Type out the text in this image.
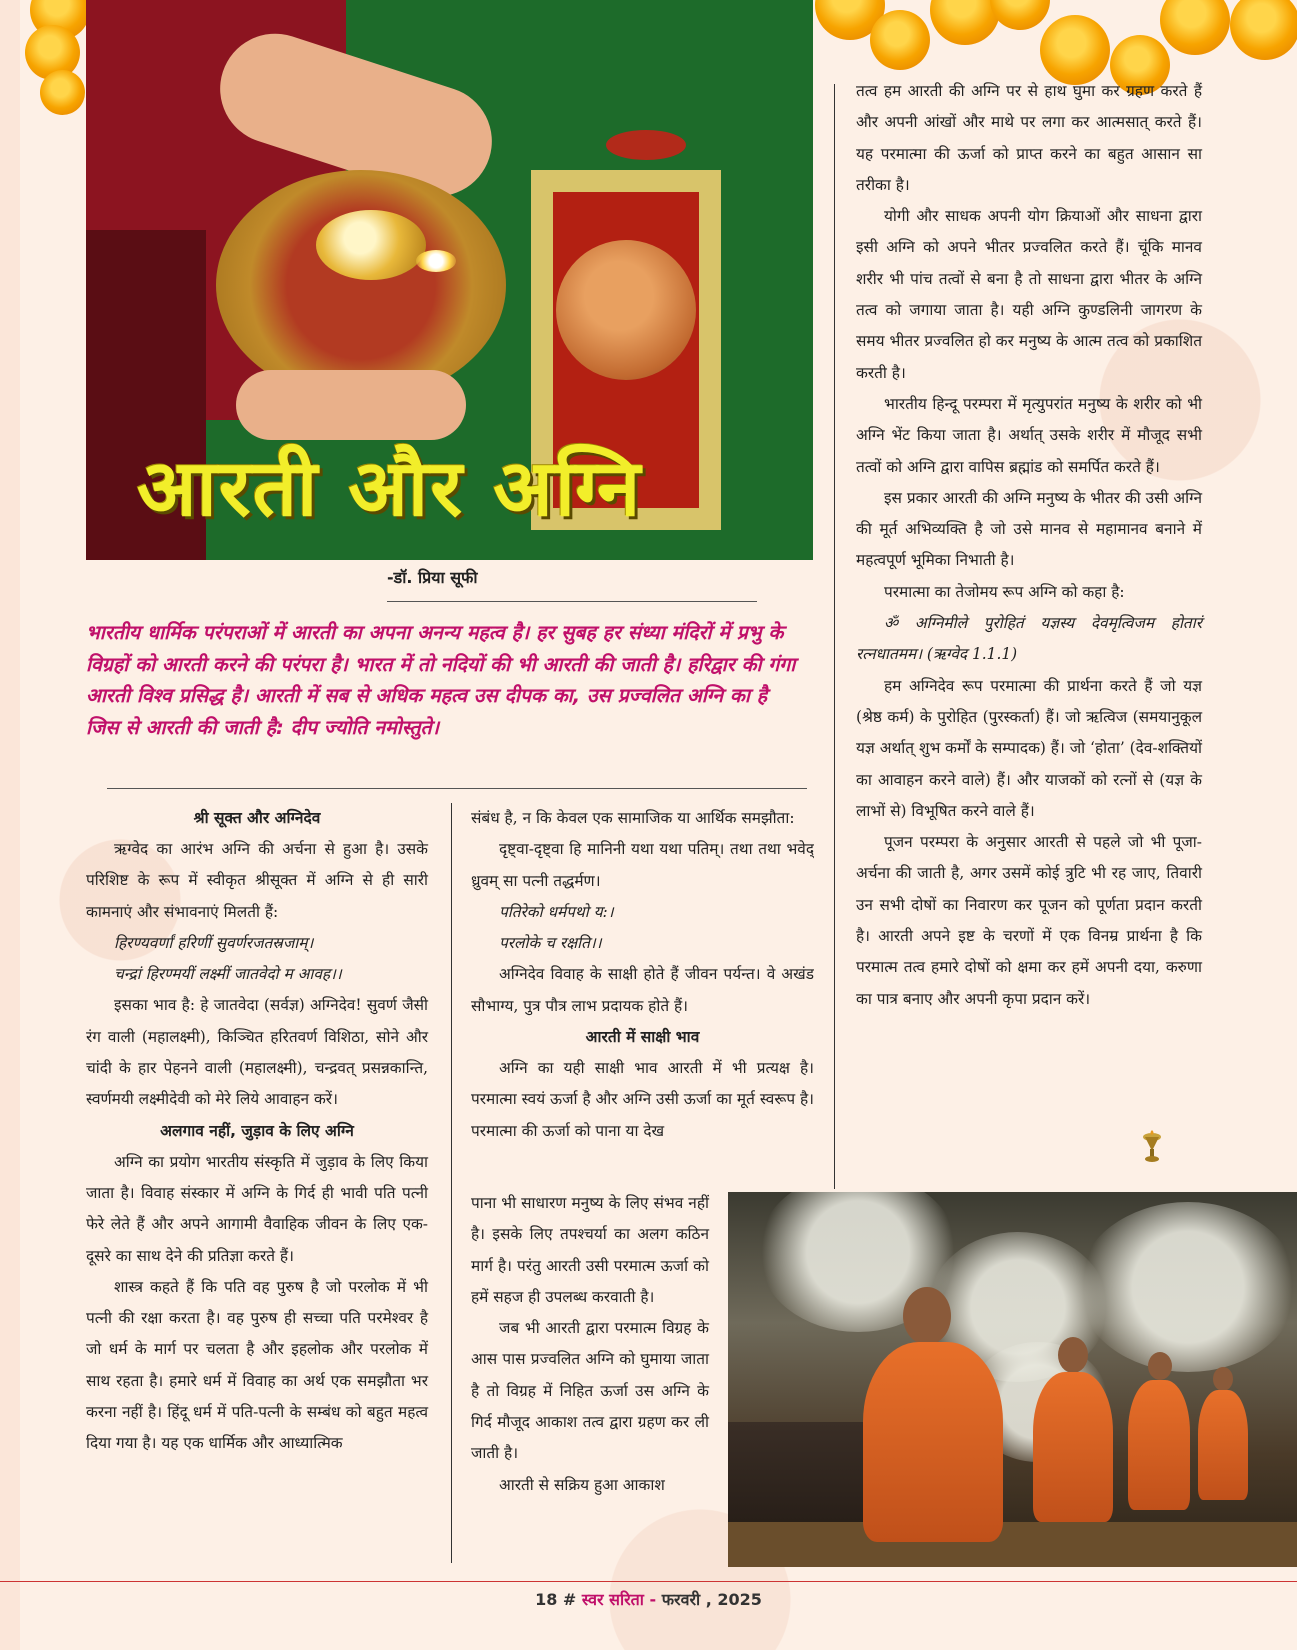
आरती और अग्नि
-डॉ. प्रिया सूफी
भारतीय धार्मिक परंपराओं में आरती का अपना अनन्य महत्व है। हर सुबह हर संध्या मंदिरों में प्रभु के विग्रहों को आरती करने की परंपरा है। भारत में तो नदियों की भी आरती की जाती है। हरिद्वार की गंगा आरती विश्व प्रसिद्ध है। आरती में सब से अधिक महत्व उस दीपक का, उस प्रज्वलित अग्नि का है जिस से आरती की जाती है: दीप ज्योति नमोस्तुते।
श्री सूक्त और अग्निदेव

ऋग्वेद का आरंभ अग्नि की अर्चना से हुआ है। उसके परिशिष्ट के रूप में स्वीकृत श्रीसूक्त में अग्नि से ही सारी कामनाएं और संभावनाएं मिलती हैं:

हिरण्यवर्णां हरिणीं सुवर्णरजतस्रजाम्।

चन्द्रां हिरण्मयीं लक्ष्मीं जातवेदो म आवह।।

इसका भाव है: हे जातवेदा (सर्वज्ञ) अग्निदेव! सुवर्ण जैसी रंग वाली (महालक्ष्मी), किञ्चित हरितवर्ण विशिठा, सोने और चांदी के हार पेहनने वाली (महालक्ष्मी), चन्द्रवत् प्रसन्नकान्ति, स्वर्णमयी लक्ष्मीदेवी को मेरे लिये आवाहन करें।

अलगाव नहीं, जुड़ाव के लिए अग्नि

अग्नि का प्रयोग भारतीय संस्कृति में जुड़ाव के लिए किया जाता है। विवाह संस्कार में अग्नि के गिर्द ही भावी पति पत्नी फेरे लेते हैं और अपने आगामी वैवाहिक जीवन के लिए एक-दूसरे का साथ देने की प्रतिज्ञा करते हैं।

शास्त्र कहते हैं कि पति वह पुरुष है जो परलोक में भी पत्नी की रक्षा करता है। वह पुरुष ही सच्चा पति परमेश्वर है जो धर्म के मार्ग पर चलता है और इहलोक और परलोक में साथ रहता है। हमारे धर्म में विवाह का अर्थ एक समझौता भर करना नहीं है। हिंदू धर्म में पति-पत्नी के सम्बंध को बहुत महत्व दिया गया है। यह एक धार्मिक और आध्यात्मिक

संबंध है, न कि केवल एक सामाजिक या आर्थिक समझौता:

दृष्ट्वा-दृष्ट्वा हि मानिनी यथा यथा पतिम्। तथा तथा भवेद् ध्रुवम् सा पत्नी तद्धर्मण।

पतिरेको धर्मपथो य:।

परलोके च रक्षति।।

अग्निदेव विवाह के साक्षी होते हैं जीवन पर्यन्त। वे अखंड सौभाग्य, पुत्र पौत्र लाभ प्रदायक होते हैं।

आरती में साक्षी भाव

अग्नि का यही साक्षी भाव आरती में भी प्रत्यक्ष है। परमात्मा स्वयं ऊर्जा है और अग्नि उसी ऊर्जा का मूर्त स्वरूप है। परमात्मा की ऊर्जा को पाना या देख

पाना भी साधारण मनुष्य के लिए संभव नहीं है। इसके लिए तपश्चर्या का अलग कठिन मार्ग है। परंतु आरती उसी परमात्म ऊर्जा को हमें सहज ही उपलब्ध करवाती है।

जब भी आरती द्वारा परमात्म विग्रह के आस पास प्रज्वलित अग्नि को घुमाया जाता है तो विग्रह में निहित ऊर्जा उस अग्नि के गिर्द मौजूद आकाश तत्व द्वारा ग्रहण कर ली जाती है।

आरती से सक्रिय हुआ आकाश

तत्व हम आरती की अग्नि पर से हाथ घुमा कर ग्रहण करते हैं और अपनी आंखों और माथे पर लगा कर आत्मसात् करते हैं। यह परमात्मा की ऊर्जा को प्राप्त करने का बहुत आसान सा तरीका है।

योगी और साधक अपनी योग क्रियाओं और साधना द्वारा इसी अग्नि को अपने भीतर प्रज्वलित करते हैं। चूंकि मानव शरीर भी पांच तत्वों से बना है तो साधना द्वारा भीतर के अग्नि तत्व को जगाया जाता है। यही अग्नि कुण्डलिनी जागरण के समय भीतर प्रज्वलित हो कर मनुष्य के आत्म तत्व को प्रकाशित करती है।

भारतीय हिन्दू परम्परा में मृत्युपरांत मनुष्य के शरीर को भी अग्नि भेंट किया जाता है। अर्थात् उसके शरीर में मौजूद सभी तत्वों को अग्नि द्वारा वापिस ब्रह्मांड को समर्पित करते हैं।

इस प्रकार आरती की अग्नि मनुष्य के भीतर की उसी अग्नि की मूर्त अभिव्यक्ति है जो उसे मानव से महामानव बनाने में महत्वपूर्ण भूमिका निभाती है।

परमात्मा का तेजोमय रूप अग्नि को कहा है:

ॐ अग्निमीले पुरोहितं यज्ञस्य देवमृत्विजम होतारं रत्नधातमम। (ऋग्वेद 1.1.1)

हम अग्निदेव रूप परमात्मा की प्रार्थना करते हैं जो यज्ञ (श्रेष्ठ कर्म) के पुरोहित (पुरस्कर्ता) हैं। जो ऋत्विज (समयानुकूल यज्ञ अर्थात् शुभ कर्मों के सम्पादक) हैं। जो ‘होता’ (देव-शक्तियों का आवाहन करने वाले) हैं। और याजकों को रत्नों से (यज्ञ के लाभों से) विभूषित करने वाले हैं।

पूजन परम्परा के अनुसार आरती से पहले जो भी पूजा-अर्चना की जाती है, अगर उसमें कोई त्रुटि भी रह जाए, तिवारी उन सभी दोषों का निवारण कर पूजन को पूर्णता प्रदान करती है। आरती अपने इष्ट के चरणों में एक विनम्र प्रार्थना है कि परमात्म तत्व हमारे दोषों को क्षमा कर हमें अपनी दया, करुणा का पात्र बनाए और अपनी कृपा प्रदान करें।

18 # स्वर सरिता - फरवरी , 2025
